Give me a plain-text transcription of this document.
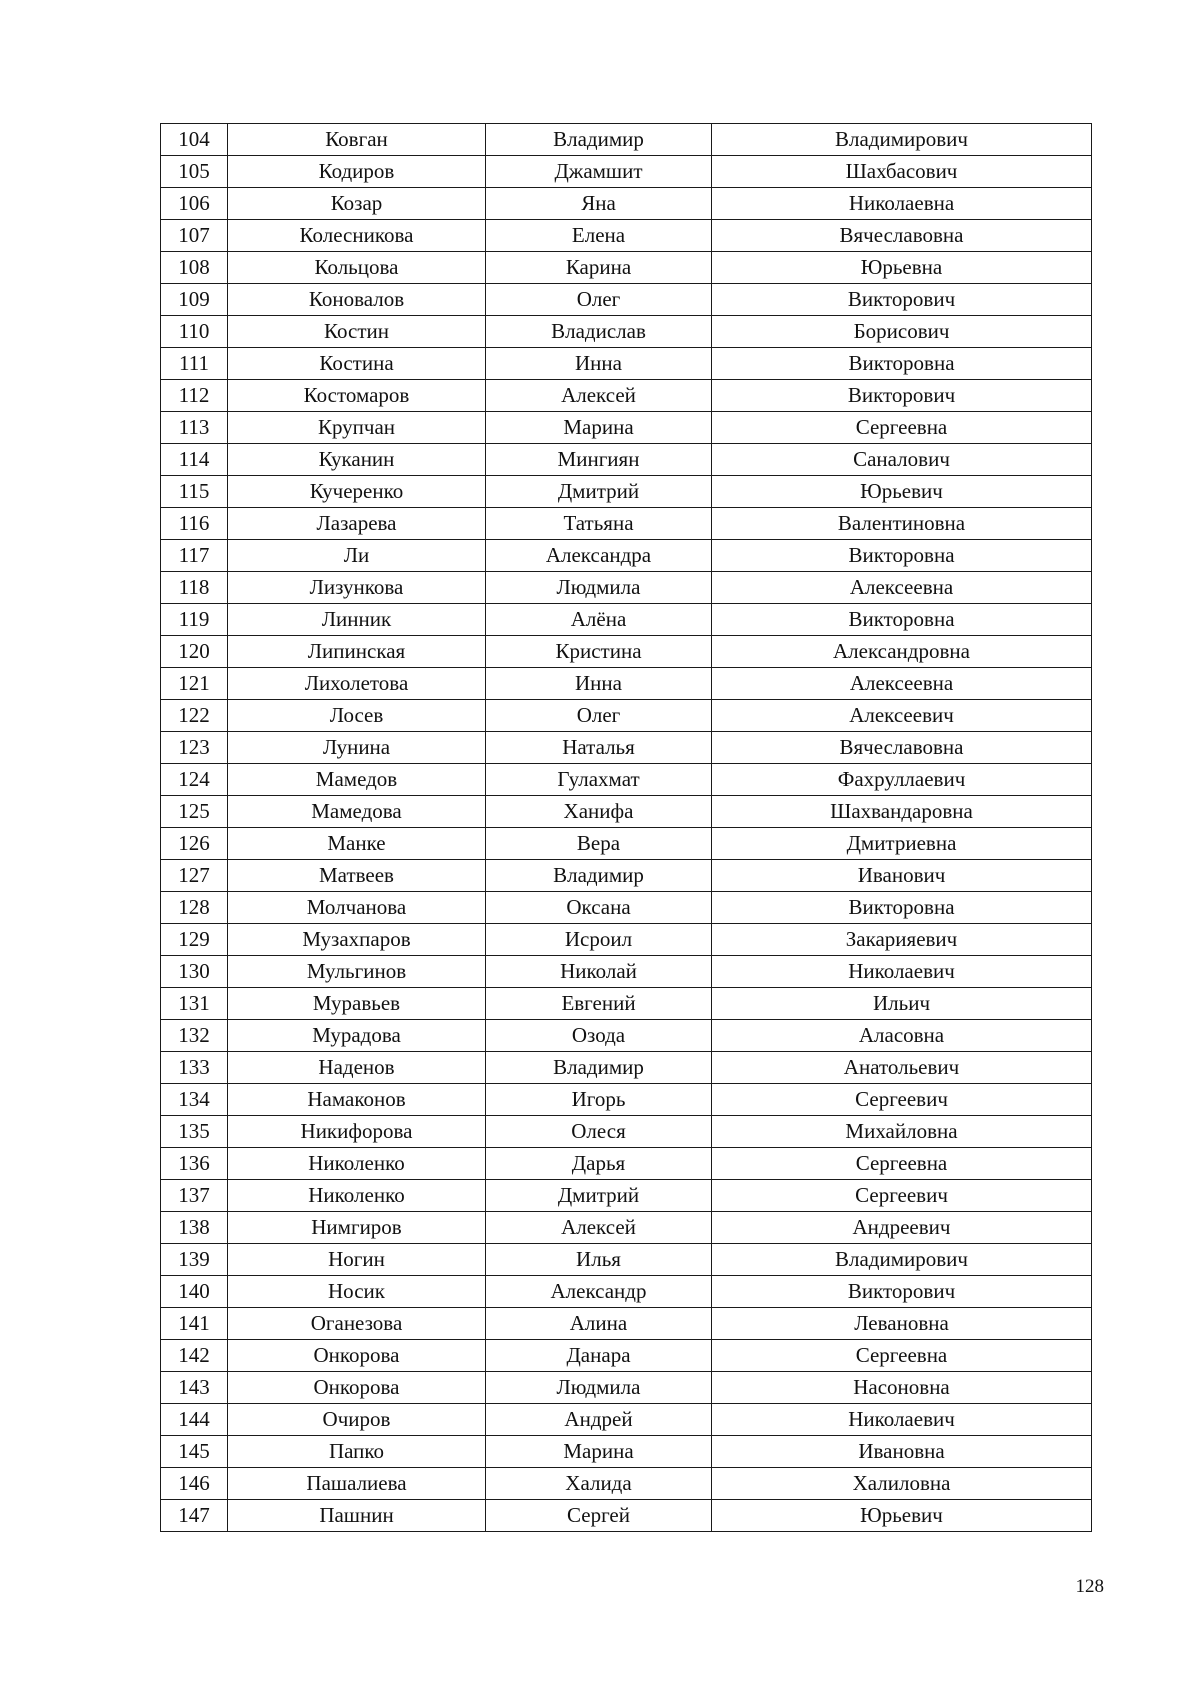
104	Ковган	Владимир	Владимирович
105	Кодиров	Джамшит	Шахбасович
106	Козар	Яна	Николаевна
107	Колесникова	Елена	Вячеславовна
108	Кольцова	Карина	Юрьевна
109	Коновалов	Олег	Викторович
110	Костин	Владислав	Борисович
111	Костина	Инна	Викторовна
112	Костомаров	Алексей	Викторович
113	Крупчан	Марина	Сергеевна
114	Куканин	Мингиян	Саналович
115	Кучеренко	Дмитрий	Юрьевич
116	Лазарева	Татьяна	Валентиновна
117	Ли	Александра	Викторовна
118	Лизункова	Людмила	Алексеевна
119	Линник	Алёна	Викторовна
120	Липинская	Кристина	Александровна
121	Лихолетова	Инна	Алексеевна
122	Лосев	Олег	Алексеевич
123	Лунина	Наталья	Вячеславовна
124	Мамедов	Гулахмат	Фахруллаевич
125	Мамедова	Ханифа	Шахвандаровна
126	Манке	Вера	Дмитриевна
127	Матвеев	Владимир	Иванович
128	Молчанова	Оксана	Викторовна
129	Музахпаров	Исроил	Закарияевич
130	Мульгинов	Николай	Николаевич
131	Муравьев	Евгений	Ильич
132	Мурадова	Озода	Аласовна
133	Наденов	Владимир	Анатольевич
134	Намаконов	Игорь	Сергеевич
135	Никифорова	Олеся	Михайловна
136	Николенко	Дарья	Сергеевна
137	Николенко	Дмитрий	Сергеевич
138	Нимгиров	Алексей	Андреевич
139	Ногин	Илья	Владимирович
140	Носик	Александр	Викторович
141	Оганезова	Алина	Левановна
142	Онкорова	Данара	Сергеевна
143	Онкорова	Людмила	Насоновна
144	Очиров	Андрей	Николаевич
145	Папко	Марина	Ивановна
146	Пашалиева	Халида	Халиловна
147	Пашнин	Сергей	Юрьевич
128
